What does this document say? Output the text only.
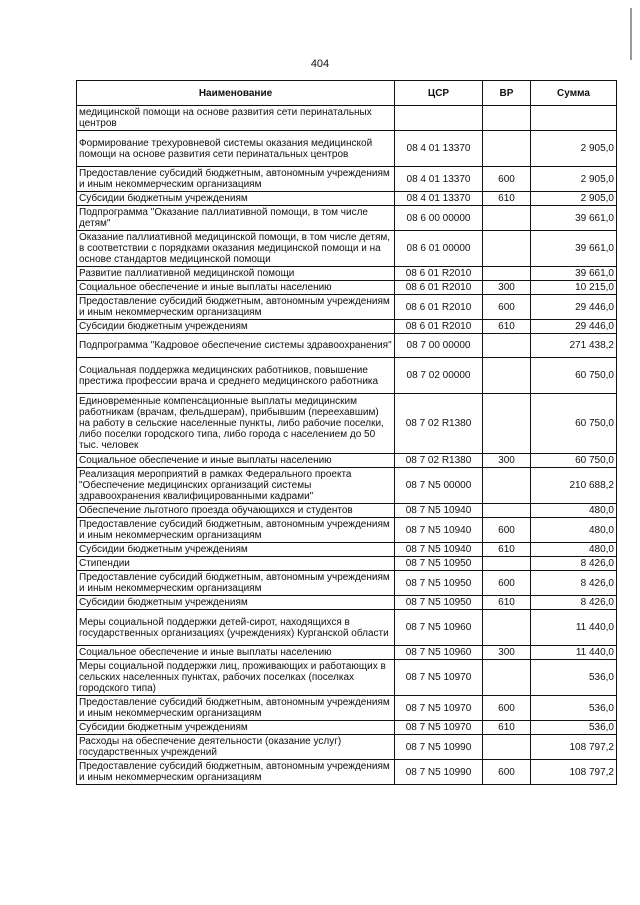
404
Наименование	ЦСР	ВР	Сумма
медицинской помощи на основе развития сети перинатальных центров			
Формирование трехуровневой системы оказания медицинской помощи на основе развития сети перинатальных центров	08 4 01 13370		2 905,0
Предоставление субсидий бюджетным, автономным учреждениям и иным некоммерческим организациям	08 4 01 13370	600	2 905,0
Субсидии бюджетным учреждениям	08 4 01 13370	610	2 905,0
Подпрограмма "Оказание паллиативной помощи, в том числе детям"	08 6 00 00000		39 661,0
Оказание паллиативной медицинской помощи, в том числе детям, в соответствии с порядками оказания медицинской помощи и на основе стандартов медицинской помощи	08 6 01 00000		39 661,0
Развитие паллиативной медицинской помощи	08 6 01 R2010		39 661,0
Социальное обеспечение и иные выплаты населению	08 6 01 R2010	300	10 215,0
Предоставление субсидий бюджетным, автономным учреждениям и иным некоммерческим организациям	08 6 01 R2010	600	29 446,0
Субсидии бюджетным учреждениям	08 6 01 R2010	610	29 446,0
Подпрограмма "Кадровое обеспечение системы здравоохранения"	08 7 00 00000		271 438,2
Социальная поддержка медицинских работников, повышение престижа профессии врача и среднего медицинского работника	08 7 02 00000		60 750,0
Единовременные компенсационные выплаты медицинским работникам (врачам, фельдшерам), прибывшим (переехавшим) на работу в сельские населенные пункты, либо рабочие поселки, либо поселки городского типа, либо города с населением до 50 тыс. человек	08 7 02 R1380		60 750,0
Социальное обеспечение и иные выплаты населению	08 7 02 R1380	300	60 750,0
Реализация мероприятий в рамках Федерального проекта "Обеспечение медицинских организаций системы здравоохранения квалифицированными кадрами"	08 7 N5 00000		210 688,2
Обеспечение льготного проезда обучающихся и студентов	08 7 N5 10940		480,0
Предоставление субсидий бюджетным, автономным учреждениям и иным некоммерческим организациям	08 7 N5 10940	600	480,0
Субсидии бюджетным учреждениям	08 7 N5 10940	610	480,0
Стипендии	08 7 N5 10950		8 426,0
Предоставление субсидий бюджетным, автономным учреждениям и иным некоммерческим организациям	08 7 N5 10950	600	8 426,0
Субсидии бюджетным учреждениям	08 7 N5 10950	610	8 426,0
Меры социальной поддержки детей-сирот, находящихся в государственных организациях (учреждениях) Курганской области	08 7 N5 10960		11 440,0
Социальное обеспечение и иные выплаты населению	08 7 N5 10960	300	11 440,0
Меры социальной поддержки лиц, проживающих и работающих в сельских населенных пунктах, рабочих поселках (поселках городского типа)	08 7 N5 10970		536,0
Предоставление субсидий бюджетным, автономным учреждениям и иным некоммерческим организациям	08 7 N5 10970	600	536,0
Субсидии бюджетным учреждениям	08 7 N5 10970	610	536,0
Расходы на обеспечение деятельности (оказание услуг) государственных учреждений	08 7 N5 10990		108 797,2
Предоставление субсидий бюджетным, автономным учреждениям и иным некоммерческим организациям	08 7 N5 10990	600	108 797,2
